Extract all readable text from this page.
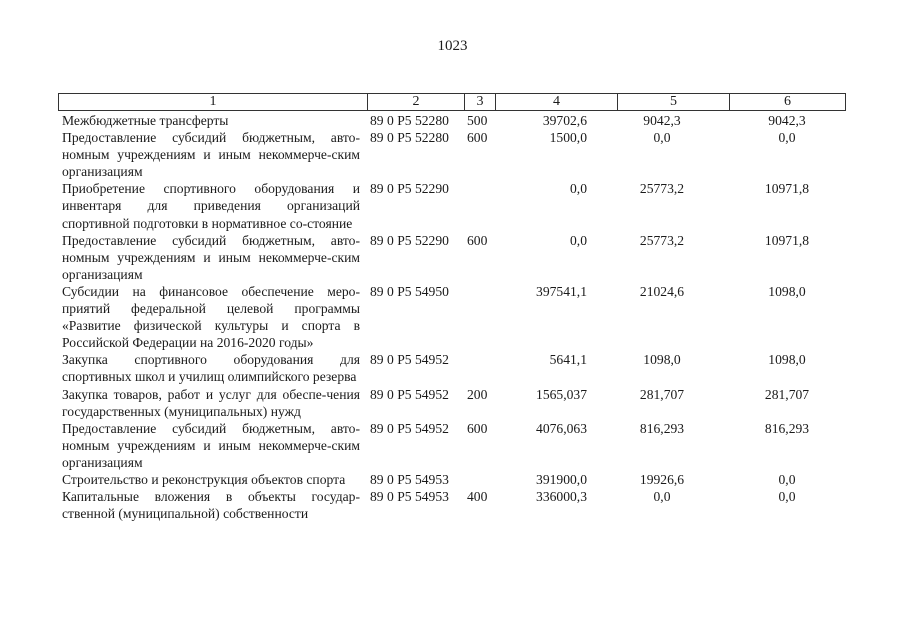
1023
1	2	3	4	5	6
Межбюджетные трансферты	89 0 P5 52280 500	39702,6	9042,3	9042,3
Предоставление субсидий бюджетным, авто-номным учреждениям и иным некоммерче-ским организациям
89 0 P5 52280 600	1500,0	0,0	0,0
Приобретение спортивного оборудования и инвентаря для приведения организаций спортивной подготовки в нормативное со-стояние
89 0 P5 52290	0,0	25773,2	10971,8
Предоставление субсидий бюджетным, авто-номным учреждениям и иным некоммерче-ским организациям
89 0 P5 52290 600	0,0	25773,2	10971,8
Субсидии на финансовое обеспечение меро-приятий федеральной целевой программы «Развитие физической культуры и спорта в Российской Федерации на 2016-2020 годы»
89 0 P5 54950	397541,1	21024,6	1098,0
Закупка спортивного оборудования для спортивных школ и училищ олимпийского резерва
89 0 P5 54952	5641,1	1098,0	1098,0
Закупка товаров, работ и услуг для обеспе-чения государственных (муниципальных) нужд
89 0 P5 54952 200	1565,037	281,707	281,707
Предоставление субсидий бюджетным, авто-номным учреждениям и иным некоммерче-ским организациям
89 0 P5 54952 600	4076,063	816,293	816,293
Строительство и реконструкция объектов спорта	89 0 P5 54953	391900,0	19926,6	0,0
Капитальные вложения в объекты государ-ственной (муниципальной) собственности
89 0 P5 54953 400	336000,3	0,0	0,0
